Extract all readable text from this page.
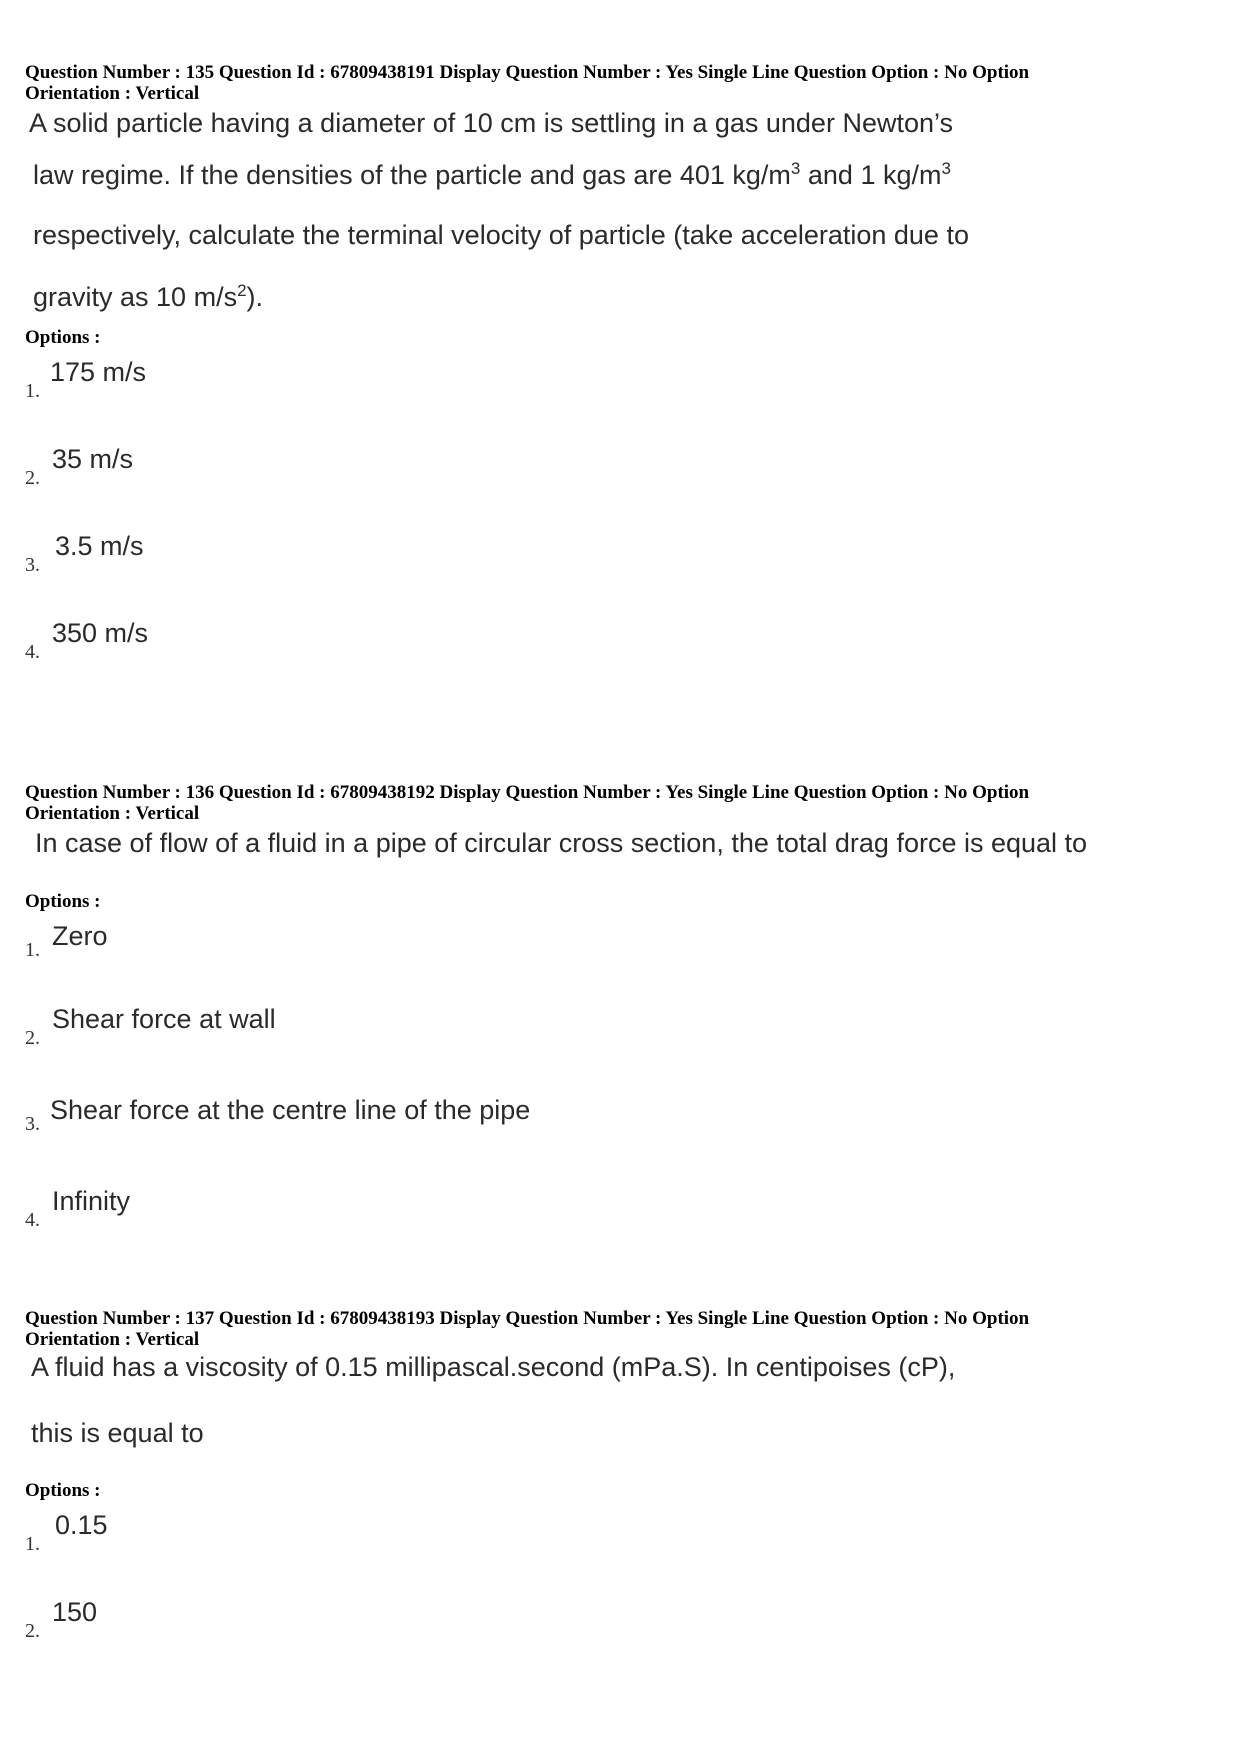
Question Number : 135 Question Id : 67809438191 Display Question Number : Yes Single Line Question Option : No Option

Orientation : Vertical

A solid particle having a diameter of 10 cm is settling in a gas under Newton’s

law regime. If the densities of the particle and gas are 401 $kg/m^3$ and 1 $kg/m^3$

respectively, calculate the terminal velocity of particle (take acceleration due to

gravity as 10 $m/s^2$).

Options :

1.
175 m/s
2.
35 m/s
3.
3.5 m/s
4.
350 m/s

Question Number : 136 Question Id : 67809438192 Display Question Number : Yes Single Line Question Option : No Option

Orientation : Vertical

In case of flow of a fluid in a pipe of circular cross section, the total drag force is equal to

Options :

1. Zero
2.
Shear force at wall
3. Shear force at the centre line of the pipe
4.
Infinity

Question Number : 137 Question Id : 67809438193 Display Question Number : Yes Single Line Question Option : No Option

Orientation : Vertical

A fluid has a viscosity of 0.15 millipascal.second (mPa.S). In centipoises (cP),

this is equal to

Options :

1.
0.15
2.
150
